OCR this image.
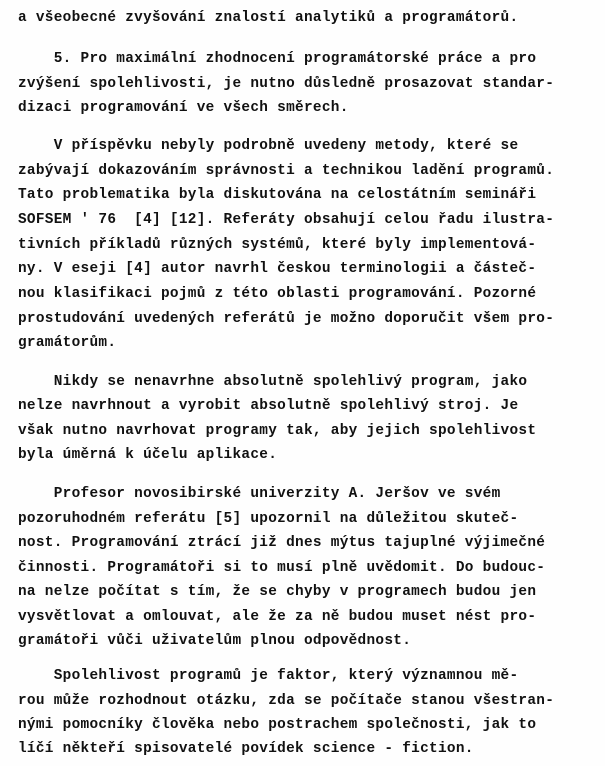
a všeobecné zvyšování znalostí analytiků a programátorů.
5. Pro maximální zhodnocení programátorské práce a pro
zvýšení spolehlivosti, je nutno důsledně prosazovat standar-
dizaci programování ve všech směrech.
V příspěvku nebyly podrobně uvedeny metody, které se
zabývají dokazováním správnosti a technikou ladění programů.
Tato problematika byla diskutována na celostátním semináři
SOFSEM ' 76  [4] [12]. Referáty obsahují celou řadu ilustra-
tivních příkladů různých systémů, které byly implementová-
ny. V eseji [4] autor navrhl českou terminologii a částeč-
nou klasifikaci pojmů z této oblasti programování. Pozorné
prostudování uvedených referátů je možno doporučit všem pro-
gramátorům.
Nikdy se nenavrhne absolutně spolehlivý program, jako
nelze navrhnout a vyrobit absolutně spolehlivý stroj. Je
však nutno navrhovat programy tak, aby jejich spolehlivost
byla úměrná k účelu aplikace.
Profesor novosibirské univerzity A. Jeršov ve svém
pozoruhodném referátu [5] upozornil na důležitou skuteč-
nost. Programování ztrácí již dnes mýtus tajuplné výjimečné
činnosti. Programátoři si to musí plně uvědomit. Do budouc-
na nelze počítat s tím, že se chyby v programech budou jen
vysvětlovat a omlouvat, ale že za ně budou muset nést pro-
gramátoři vůči uživatelům plnou odpovědnost.
Spolehlivost programů je faktor, který významnou mě-
rou může rozhodnout otázku, zda se počítače stanou všestran-
nými pomocníky člověka nebo postrachem společnosti, jak to
líčí někteří spisovatelé povídek science - fiction.
